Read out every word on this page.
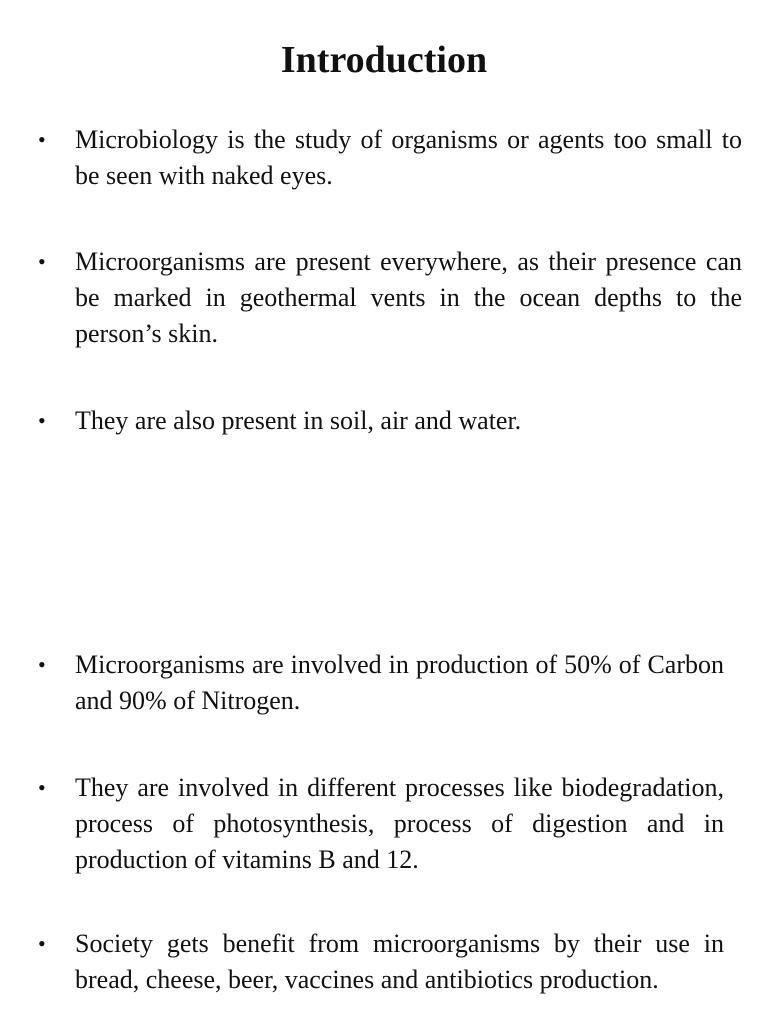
Introduction
•	Microbiology is the study of organisms or agents too small to be seen with naked eyes.
•	Microorganisms are present everywhere, as their presence can be marked in geothermal vents in the ocean depths to the person’s skin.
•	They are also present in soil, air and water.
•	Microorganisms are involved in production of 50% of Carbon and 90% of Nitrogen.
•	They are involved in different processes like biodegradation, process of photosynthesis, process of digestion and in production of vitamins B and 12.
•	Society gets benefit from microorganisms by their use in bread, cheese, beer, vaccines and antibiotics production.
